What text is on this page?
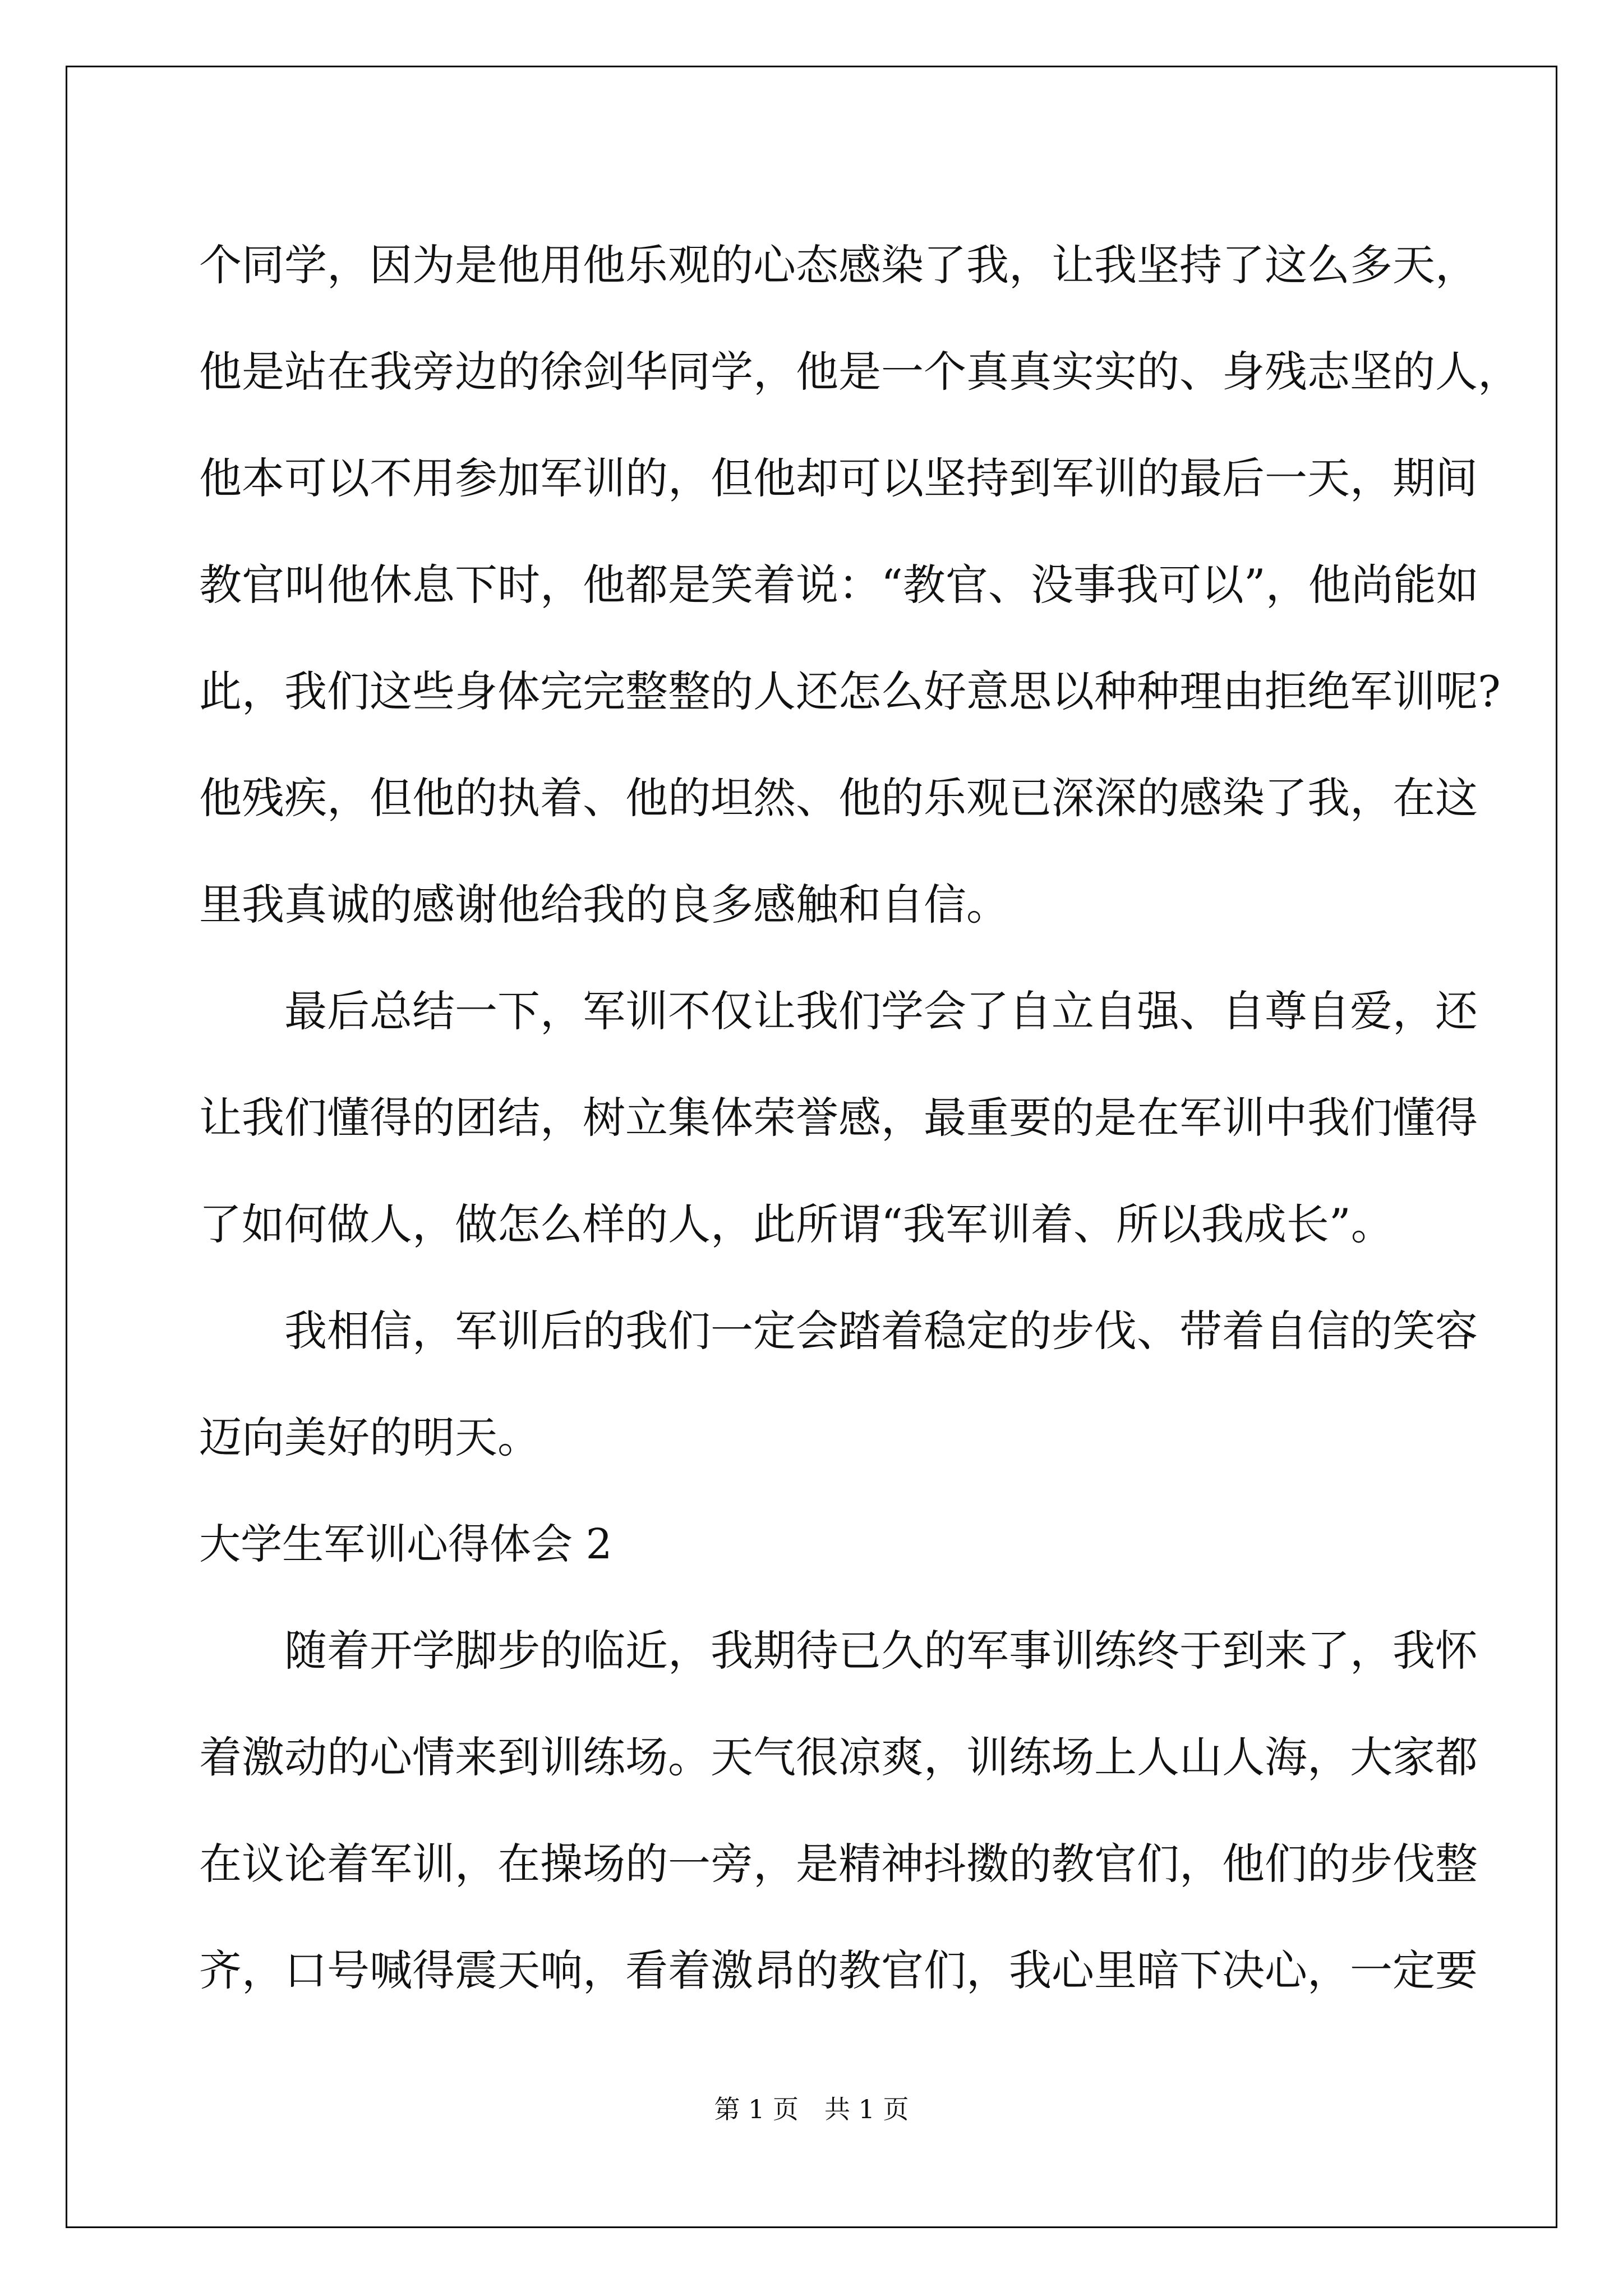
个同学，因为是他用他乐观的心态感染了我，让我坚持了这么多天，
他是站在我旁边的徐剑华同学，他是一个真真实实的、身残志坚的人，
他本可以不用参加军训的，但他却可以坚持到军训的最后一天，期间
教官叫他休息下时，他都是笑着说：“教官、没事我可以”，他尚能如
此，我们这些身体完完整整的人还怎么好意思以种种理由拒绝军训呢?
他残疾，但他的执着、他的坦然、他的乐观已深深的感染了我，在这
里我真诚的感谢他给我的良多感触和自信。
最后总结一下，军训不仅让我们学会了自立自强、自尊自爱，还
让我们懂得的团结，树立集体荣誉感，最重要的是在军训中我们懂得
了如何做人，做怎么样的人，此所谓“我军训着、所以我成长”。
我相信，军训后的我们一定会踏着稳定的步伐、带着自信的笑容
迈向美好的明天。
大学生军训心得体会 2
随着开学脚步的临近，我期待已久的军事训练终于到来了，我怀
着激动的心情来到训练场。天气很凉爽，训练场上人山人海，大家都
在议论着军训，在操场的一旁，是精神抖擞的教官们，他们的步伐整
齐，口号喊得震天响，看着激昂的教官们，我心里暗下决心，一定要
第 1 页　共 1 页
